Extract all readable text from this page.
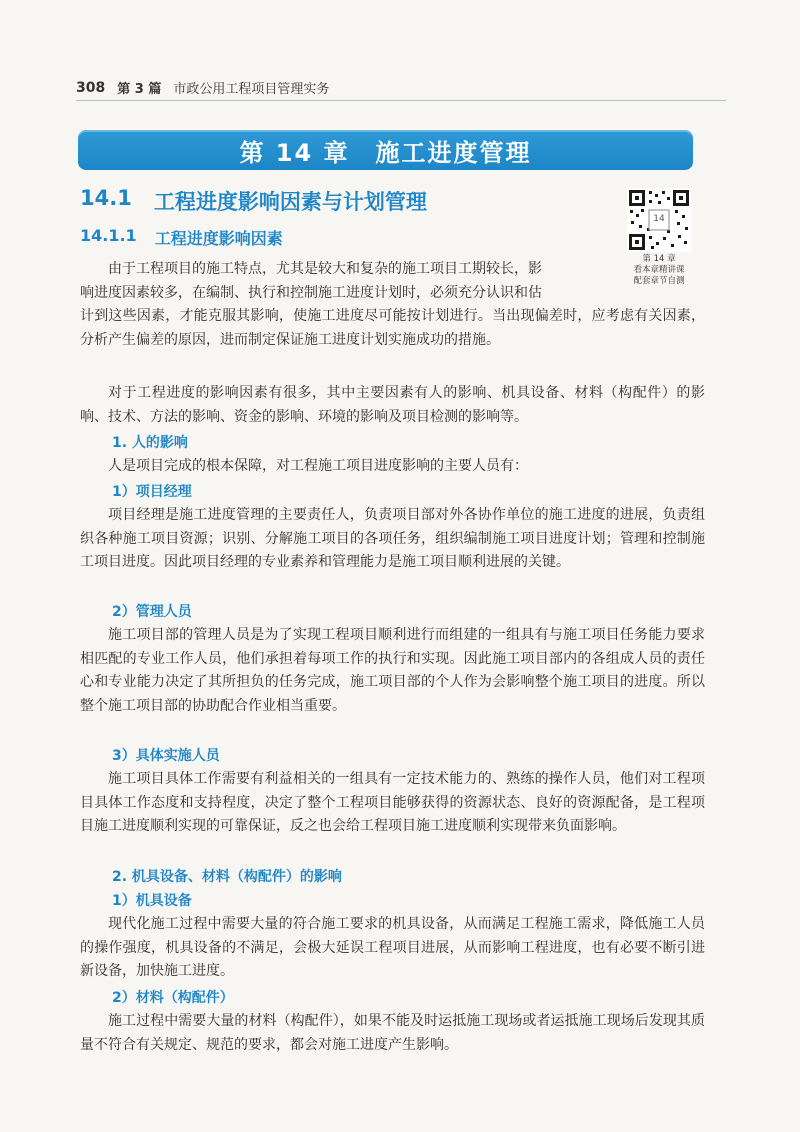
308 第 3 篇 市政公用工程项目管理实务
第 14 章　施工进度管理
14.1 工程进度影响因素与计划管理
14.1.1 工程进度影响因素
14
第 14 章
看本章精讲课
配套章节自测

由于工程项目的施工特点，尤其是较大和复杂的施工项目工期较长，影

响进度因素较多，在编制、执行和控制施工进度计划时，必须充分认识和估

计到这些因素，才能克服其影响，使施工进度尽可能按计划进行。当出现偏差时，应考虑有关因素，分析产生偏差的原因，进而制定保证施工进度计划实施成功的措施。

对于工程进度的影响因素有很多，其中主要因素有人的影响、机具设备、材料（构配件）的影响、技术、方法的影响、资金的影响、环境的影响及项目检测的影响等。

1. 人的影响

人是项目完成的根本保障，对工程施工项目进度影响的主要人员有：

1）项目经理

项目经理是施工进度管理的主要责任人，负责项目部对外各协作单位的施工进度的进展，负责组织各种施工项目资源；识别、分解施工项目的各项任务，组织编制施工项目进度计划；管理和控制施工项目进度。因此项目经理的专业素养和管理能力是施工项目顺利进展的关键。

2）管理人员

施工项目部的管理人员是为了实现工程项目顺利进行而组建的一组具有与施工项目任务能力要求相匹配的专业工作人员，他们承担着每项工作的执行和实现。因此施工项目部内的各组成人员的责任心和专业能力决定了其所担负的任务完成，施工项目部的个人作为会影响整个施工项目的进度。所以整个施工项目部的协助配合作业相当重要。

3）具体实施人员

施工项目具体工作需要有利益相关的一组具有一定技术能力的、熟练的操作人员，他们对工程项目具体工作态度和支持程度，决定了整个工程项目能够获得的资源状态、良好的资源配备，是工程项目施工进度顺利实现的可靠保证，反之也会给工程项目施工进度顺利实现带来负面影响。

2. 机具设备、材料（构配件）的影响
1）机具设备

现代化施工过程中需要大量的符合施工要求的机具设备，从而满足工程施工需求，降低施工人员的操作强度，机具设备的不满足，会极大延误工程项目进展，从而影响工程进度，也有必要不断引进新设备，加快施工进度。

2）材料（构配件）

施工过程中需要大量的材料（构配件），如果不能及时运抵施工现场或者运抵施工现场后发现其质量不符合有关规定、规范的要求，都会对施工进度产生影响。
